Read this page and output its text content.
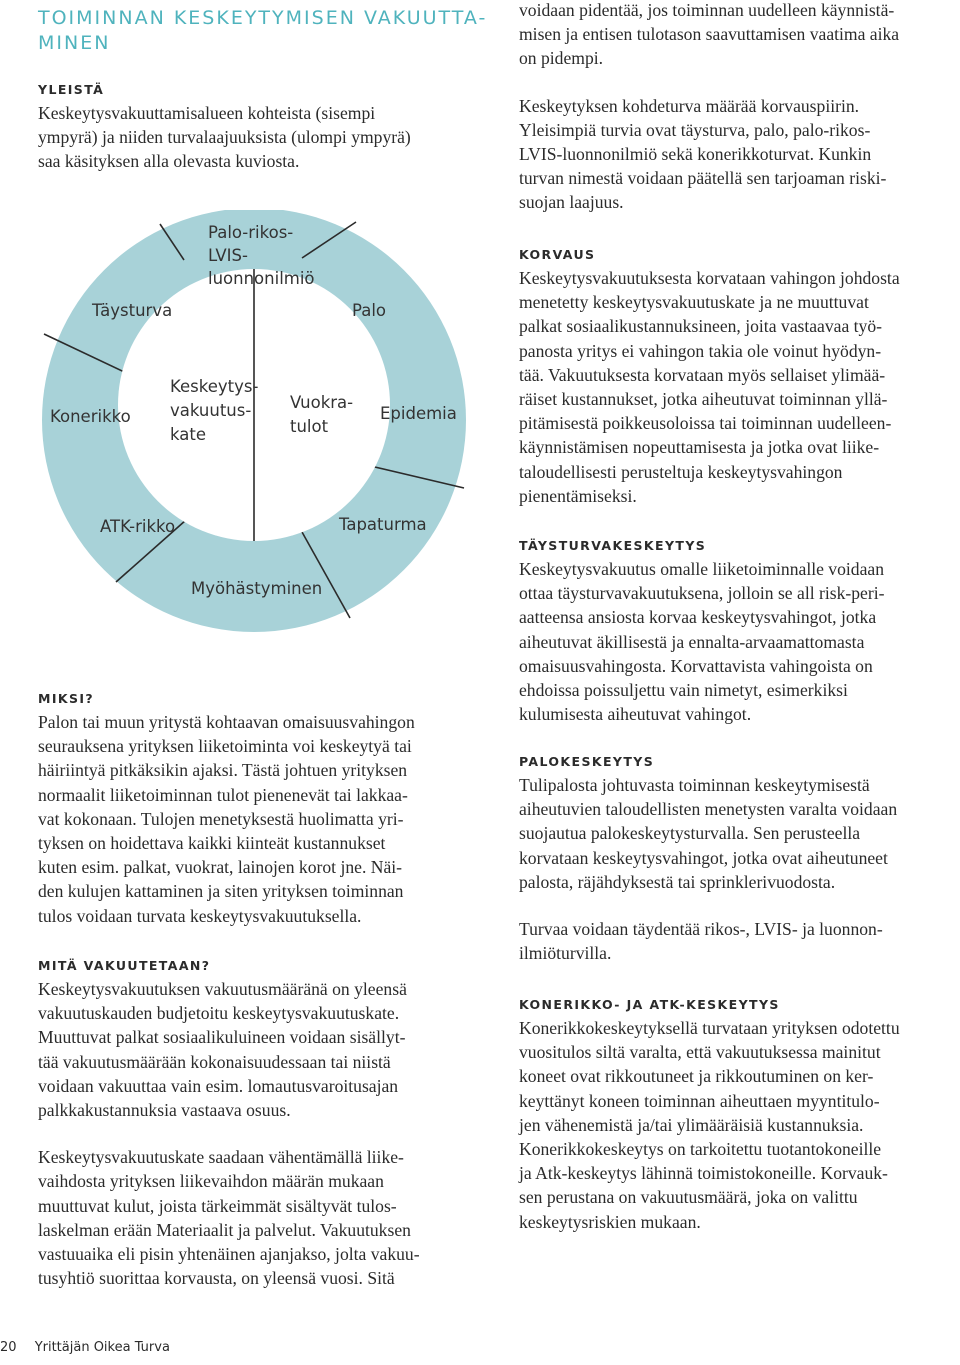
TOIMINNAN KESKEYTYMISEN VAKUUTTA-
MINEN
YLEISTÄ

Keskeytysvakuuttamisalueen kohteista (sisempi
ympyrä) ja niiden turvalaajuuksista (ulompi ympyrä)
saa käsityksen alla olevasta kuviosta.

Täysturva
Palo-rikos-
LVIS-
luonnonilmiö
Palo
Epidemia
Tapaturma
Myöhästyminen
ATK-rikko
Konerikko
Keskeytys-
vakuutus-
kate
Vuokra-
tulot
MIKSI?

Palon tai muun yritystä kohtaavan omaisuusvahingon
seurauksena yrityksen liiketoiminta voi keskeytyä tai
häiriintyä pitkäksikin ajaksi. Tästä johtuen yrityksen
normaalit liiketoiminnan tulot pienenevät tai lakkaa-
vat kokonaan. Tulojen menetyksestä huolimatta yri-
tyksen on hoidettava kaikki kiinteät kustannukset
kuten esim. palkat, vuokrat, lainojen korot jne. Näi-
den kulujen kattaminen ja siten yrityksen toiminnan
tulos voidaan turvata keskeytysvakuutuksella.

MITÄ VAKUUTETAAN?

Keskeytysvakuutuksen vakuutusmääränä on yleensä
vakuutuskauden budjetoitu keskeytysvakuutuskate.
Muuttuvat palkat sosiaalikuluineen voidaan sisällyt-
tää vakuutusmäärään kokonaisuudessaan tai niistä
voidaan vakuuttaa vain esim. lomautusvaroitusajan
palkkakustannuksia vastaava osuus.

Keskeytysvakuutuskate saadaan vähentämällä liike-
vaihdosta yrityksen liikevaihdon määrän mukaan
muuttuvat kulut, joista tärkeimmät sisältyvät tulos-
laskelman erään Materiaalit ja palvelut. Vakuutuksen
vastuuaika eli pisin yhtenäinen ajanjakso, jolta vakuu-
tusyhtiö suorittaa korvausta, on yleensä vuosi. Sitä

voidaan pidentää, jos toiminnan uudelleen käynnistä-
misen ja entisen tulotason saavuttamisen vaatima aika
on pidempi.

Keskeytyksen kohdeturva määrää korvauspiirin.
Yleisimpiä turvia ovat täysturva, palo, palo-rikos-
LVIS-luonnonilmiö sekä konerikkoturvat. Kunkin
turvan nimestä voidaan päätellä sen tarjoaman riski-
suojan laajuus.

KORVAUS

Keskeytysvakuutuksesta korvataan vahingon johdosta
menetetty keskeytysvakuutuskate ja ne muuttuvat
palkat sosiaalikustannuksineen, joita vastaavaa työ-
panosta yritys ei vahingon takia ole voinut hyödyn-
tää. Vakuutuksesta korvataan myös sellaiset ylimää-
räiset kustannukset, jotka aiheutuvat toiminnan yllä-
pitämisestä poikkeusoloissa tai toiminnan uudelleen-
käynnistämisen nopeuttamisesta ja jotka ovat liike-
taloudellisesti perusteltuja keskeytysvahingon
pienentämiseksi.

TÄYSTURVAKESKEYTYS

Keskeytysvakuutus omalle liiketoiminnalle voidaan
ottaa täysturvavakuutuksena, jolloin se all risk-peri-
aatteensa ansiosta korvaa keskeytysvahingot, jotka
aiheutuvat äkillisestä ja ennalta-arvaamattomasta
omaisuusvahingosta. Korvattavista vahingoista on
ehdoissa poissuljettu vain nimetyt, esimerkiksi
kulumisesta aiheutuvat vahingot.

PALOKESKEYTYS

Tulipalosta johtuvasta toiminnan keskeytymisestä
aiheutuvien taloudellisten menetysten varalta voidaan
suojautua palokeskeytysturvalla. Sen perusteella
korvataan keskeytysvahingot, jotka ovat aiheutuneet
palosta, räjähdyksestä tai sprinklerivuodosta.

Turvaa voidaan täydentää rikos-, LVIS- ja luonnon-
ilmiöturvilla.

KONERIKKO- JA ATK-KESKEYTYS

Konerikkokeskeytyksellä turvataan yrityksen odotettu
vuositulos siltä varalta, että vakuutuksessa mainitut
koneet ovat rikkoutuneet ja rikkoutuminen on ker-
keyttänyt koneen toiminnan aiheuttaen myyntitulo-
jen vähenemistä ja/tai ylimääräisiä kustannuksia.
Konerikkokeskeytys on tarkoitettu tuotantokoneille
ja Atk-keskeytys lähinnä toimistokoneille. Korvauk-
sen perustana on vakuutusmäärä, joka on valittu
keskeytysriskien mukaan.

20 Yrittäjän Oikea Turva
